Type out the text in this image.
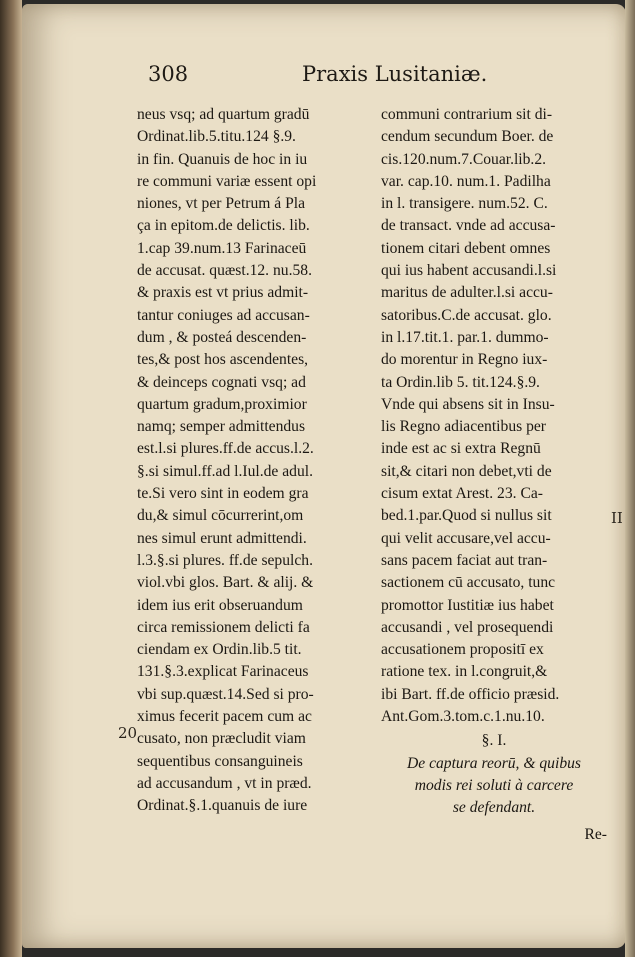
308	Praxis Lusitaniæ.
neus vsq; ad quartum gradū
Ordinat.lib.5.titu.124 §.9.
in fin. Quanuis de hoc in iu
re communi variæ essent opi
niones, vt per Petrum á Pla
ça in epitom.de delictis. lib.
1.cap 39.num.13 Farinaceū
de accusat. quæst.12. nu.58.
& praxis est vt prius admit-
tantur coniuges ad accusan-
dum , & posteá descenden-
tes,& post hos ascendentes,
& deinceps cognati vsq; ad
quartum gradum,proximior
namq; semper admittendus
est.l.si plures.ff.de accus.l.2.
§.si simul.ff.ad l.Iul.de adul.
te.Si vero sint in eodem gra
du,& simul cōcurrerint,om
nes simul erunt admittendi.
l.3.§.si plures. ff.de sepulch.
viol.vbi glos. Bart. & alij. &
idem ius erit obseruandum
circa remissionem delicti fa
ciendam ex Ordin.lib.5 tit.
131.§.3.explicat Farinaceus
vbi sup.quæst.14.Sed si pro-
ximus fecerit pacem cum ac
cusato, non præcludit viam
sequentibus consanguineis
ad accusandum , vt in præd.
Ordinat.§.1.quanuis de iure
communi contrarium sit di-
cendum secundum Boer. de
cis.120.num.7.Couar.lib.2.
var. cap.10. num.1. Padilha
in l. transigere. num.52. C.
de transact. vnde ad accusa-
tionem citari debent omnes
qui ius habent accusandi.l.si
maritus de adulter.l.si accu-
satoribus.C.de accusat. glo.
in l.17.tit.1. par.1. dummo-
do morentur in Regno iux-
ta Ordin.lib 5. tit.124.§.9.
Vnde qui absens sit in Insu-
lis Regno adiacentibus per
inde est ac si extra Regnū
sit,& citari non debet,vti de
cisum extat Arest. 23. Ca-
bed.1.par.Quod si nullus sit
qui velit accusare,vel accu-
sans pacem faciat aut tran-
sactionem cū accusato, tunc
promottor Iustitiæ ius habet
accusandi , vel prosequendi
accusationem propositī ex
ratione tex. in l.congruit,&
ibi Bart. ff.de officio præsid.
Ant.Gom.3.tom.c.1.nu.10.
§. I.
De captura reorū, & quibus
modis rei soluti à carcere
se defendant.
Re-
20
II
